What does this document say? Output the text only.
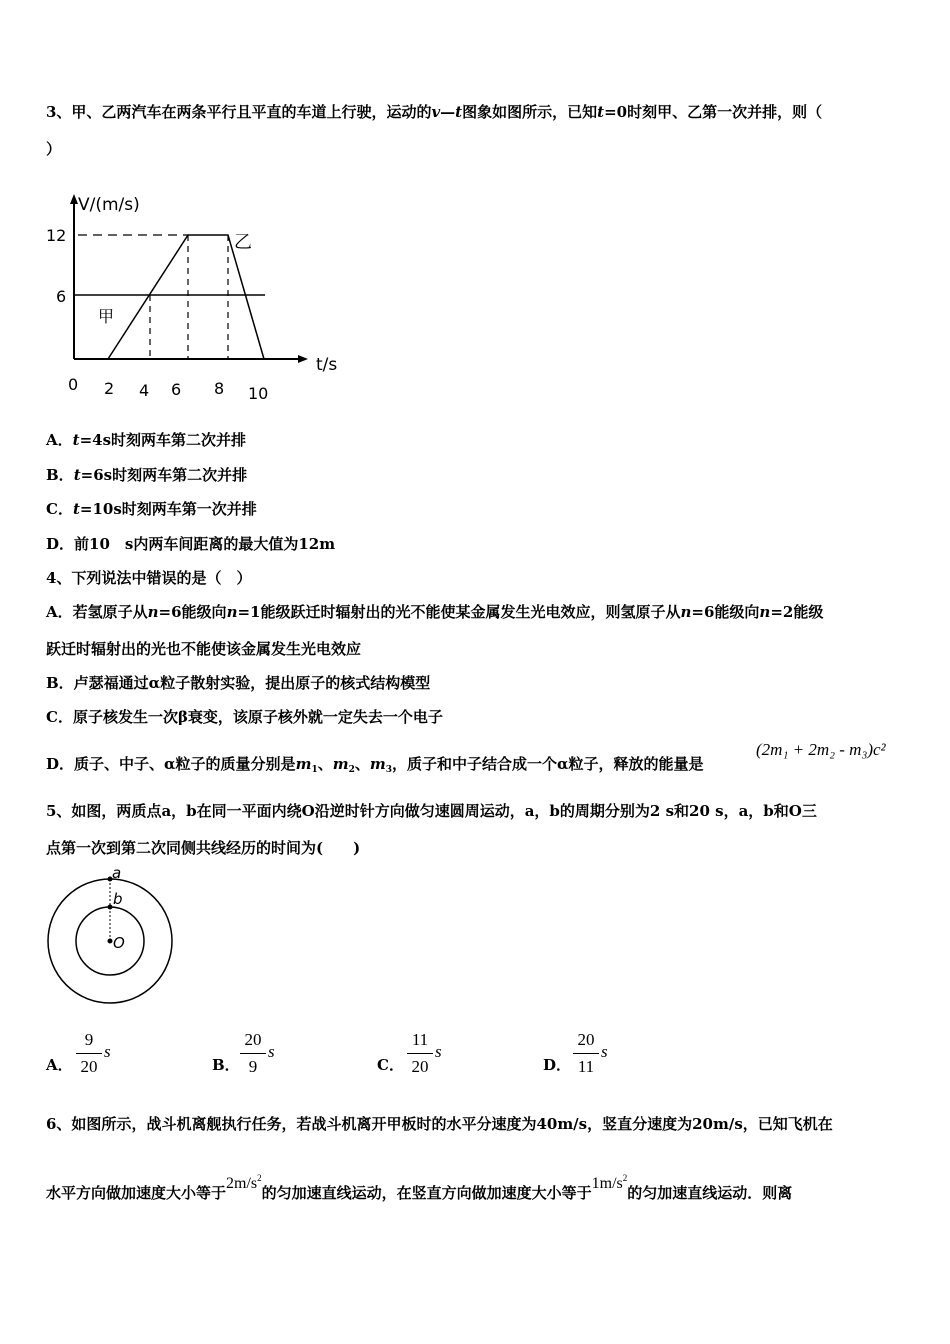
3、甲、乙两汽车在两条平行且平直的车道上行驶，运动的v—t图象如图所示，已知t=0时刻甲、乙第一次并排，则（
）
V/(m/s)
t/s
12
6
0 2 4 6 8 10
甲
乙
A．t=4s时刻两车第二次并排
B．t=6s时刻两车第二次并排
C．t=10s时刻两车第一次并排
D．前10　s内两车间距离的最大值为12m
4、下列说法中错误的是（　）
A．若氢原子从n=6能级向n=1能级跃迁时辐射出的光不能使某金属发生光电效应，则氢原子从n=6能级向n=2能级
跃迁时辐射出的光也不能使该金属发生光电效应
B．卢瑟福通过α粒子散射实验，提出原子的核式结构模型
C．原子核发生一次β衰变，该原子核外就一定失去一个电子
D．质子、中子、α粒子的质量分别是$m_1$、$m_2$、$m_3$，质子和中子结合成一个α粒子，释放的能量是
(2m₁ + 2m₂ - m₃)c²
5、如图，两质点a，b在同一平面内绕O沿逆时针方向做匀速圆周运动，a，b的周期分别为2 s和20 s，a，b和O三
点第一次到第二次同侧共线经历的时间为(　　)
a
b
O
A．
9
20
s
B．
20
9
s
C．
11
20
s
D．
20
11
s
6、如图所示，战斗机离舰执行任务，若战斗机离开甲板时的水平分速度为40m/s，竖直分速度为20m/s，已知飞机在
水平方向做加速度大小等于$2m/s^2$的匀加速直线运动，在竖直方向做加速度大小等于$1m/s^2$的匀加速直线运动．则离
